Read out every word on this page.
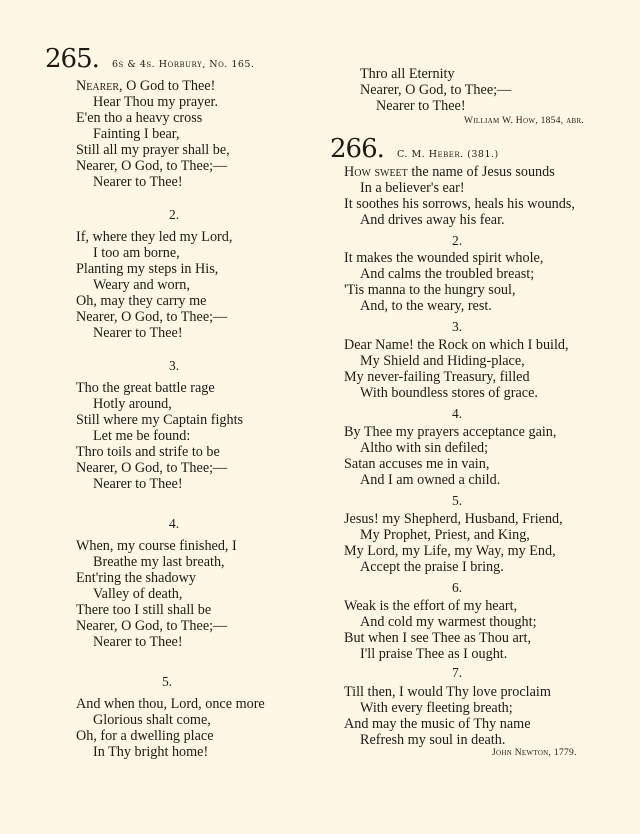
265. 6s & 4s. Horbury, No. 165.
Nearer, O God to Thee!
Hear Thou my prayer.
E'en tho a heavy cross
Fainting I bear,
Still all my prayer shall be,
Nearer, O God, to Thee;—
Nearer to Thee!
2.
If, where they led my Lord,
I too am borne,
Planting my steps in His,
Weary and worn,
Oh, may they carry me
Nearer, O God, to Thee;—
Nearer to Thee!
3.
Tho the great battle rage
Hotly around,
Still where my Captain fights
Let me be found:
Thro toils and strife to be
Nearer, O God, to Thee;—
Nearer to Thee!
4.
When, my course finished, I
Breathe my last breath,
Ent'ring the shadowy
Valley of death,
There too I still shall be
Nearer, O God, to Thee;—
Nearer to Thee!
5.
And when thou, Lord, once more
Glorious shalt come,
Oh, for a dwelling place
In Thy bright home!
Thro all Eternity
Nearer, O God, to Thee;—
Nearer to Thee!
William W. How, 1854, abr.
266. C. M. Heber. (381.)
How sweet the name of Jesus sounds
In a believer's ear!
It soothes his sorrows, heals his wounds,
And drives away his fear.
2.
It makes the wounded spirit whole,
And calms the troubled breast;
'Tis manna to the hungry soul,
And, to the weary, rest.
3.
Dear Name! the Rock on which I build,
My Shield and Hiding-place,
My never-failing Treasury, filled
With boundless stores of grace.
4.
By Thee my prayers acceptance gain,
Altho with sin defiled;
Satan accuses me in vain,
And I am owned a child.
5.
Jesus! my Shepherd, Husband, Friend,
My Prophet, Priest, and King,
My Lord, my Life, my Way, my End,
Accept the praise I bring.
6.
Weak is the effort of my heart,
And cold my warmest thought;
But when I see Thee as Thou art,
I'll praise Thee as I ought.
7.
Till then, I would Thy love proclaim
With every fleeting breath;
And may the music of Thy name
Refresh my soul in death.
John Newton, 1779.
